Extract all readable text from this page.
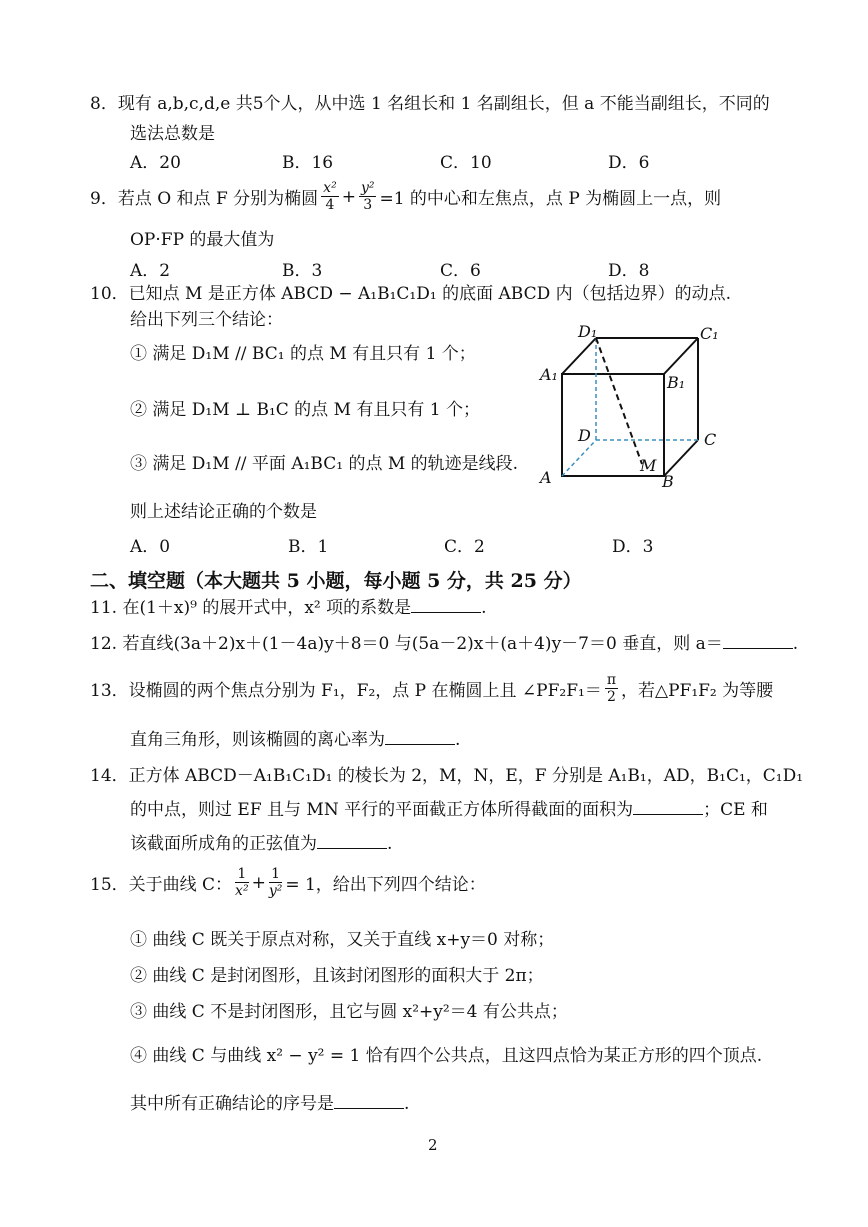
8．现有 a,b,c,d,e 共5个人，从中选 1 名组长和 1 名副组长，但 a 不能当副组长，不同的
选法总数是
A．20	B．16	C．10	D．6
9．若点 O 和点 F 分别为椭圆 $\frac{\text{x²}}{4} + \frac{\text{y²}}{3} =1$ 的中心和左焦点，点 P 为椭圆上一点，则
OP·FP 的最大值为
A．2	B．3	C．6	D．8
10．已知点 M 是正方体 ABCD − A₁B₁C₁D₁ 的底面 ABCD 内（包括边界）的动点.
给出下列三个结论：
① 满足 D₁M // BC₁ 的点 M 有且只有 1 个；
② 满足 D₁M ⊥ B₁C 的点 M 有且只有 1 个；
③ 满足 D₁M // 平面 A₁BC₁ 的点 M 的轨迹是线段.
则上述结论正确的个数是
A．0	B．1	C．2	D．3
D₁	C₁
A₁	B₁
D	C
M
A	B
二、填空题（本大题共 5 小题，每小题 5 分，共 25 分）
11. 在(1＋x)⁹ 的展开式中，x² 项的系数是	.
12. 若直线(3a＋2)x＋(1－4a)y＋8＝0 与(5a－2)x＋(a＋4)y－7＝0 垂直，则 a＝	.
13．设椭圆的两个焦点分别为 F₁，F₂，点 P 在椭圆上且 ∠PF₂F₁＝ $\frac{\pi}{2}$ ，若△PF₁F₂ 为等腰
直角三角形，则该椭圆的离心率为	.
14．正方体 ABCD－A₁B₁C₁D₁ 的棱长为 2，M，N，E，F 分别是 A₁B₁，AD，B₁C₁，C₁D₁
的中点，则过 EF 且与 MN 平行的平面截正方体所得截面的面积为	；CE 和
该截面所成角的正弦值为	.
15．关于曲线 C： $\frac{1}{\text{x²}} + \frac{1}{\text{y²}} = 1$，给出下列四个结论：
① 曲线 C 既关于原点对称，又关于直线 x+y＝0 对称；
② 曲线 C 是封闭图形，且该封闭图形的面积大于 2π；
③ 曲线 C 不是封闭图形，且它与圆 x²+y²＝4 有公共点；
④ 曲线 C 与曲线 x² − y² = 1 恰有四个公共点，且这四点恰为某正方形的四个顶点.
其中所有正确结论的序号是	.
2
